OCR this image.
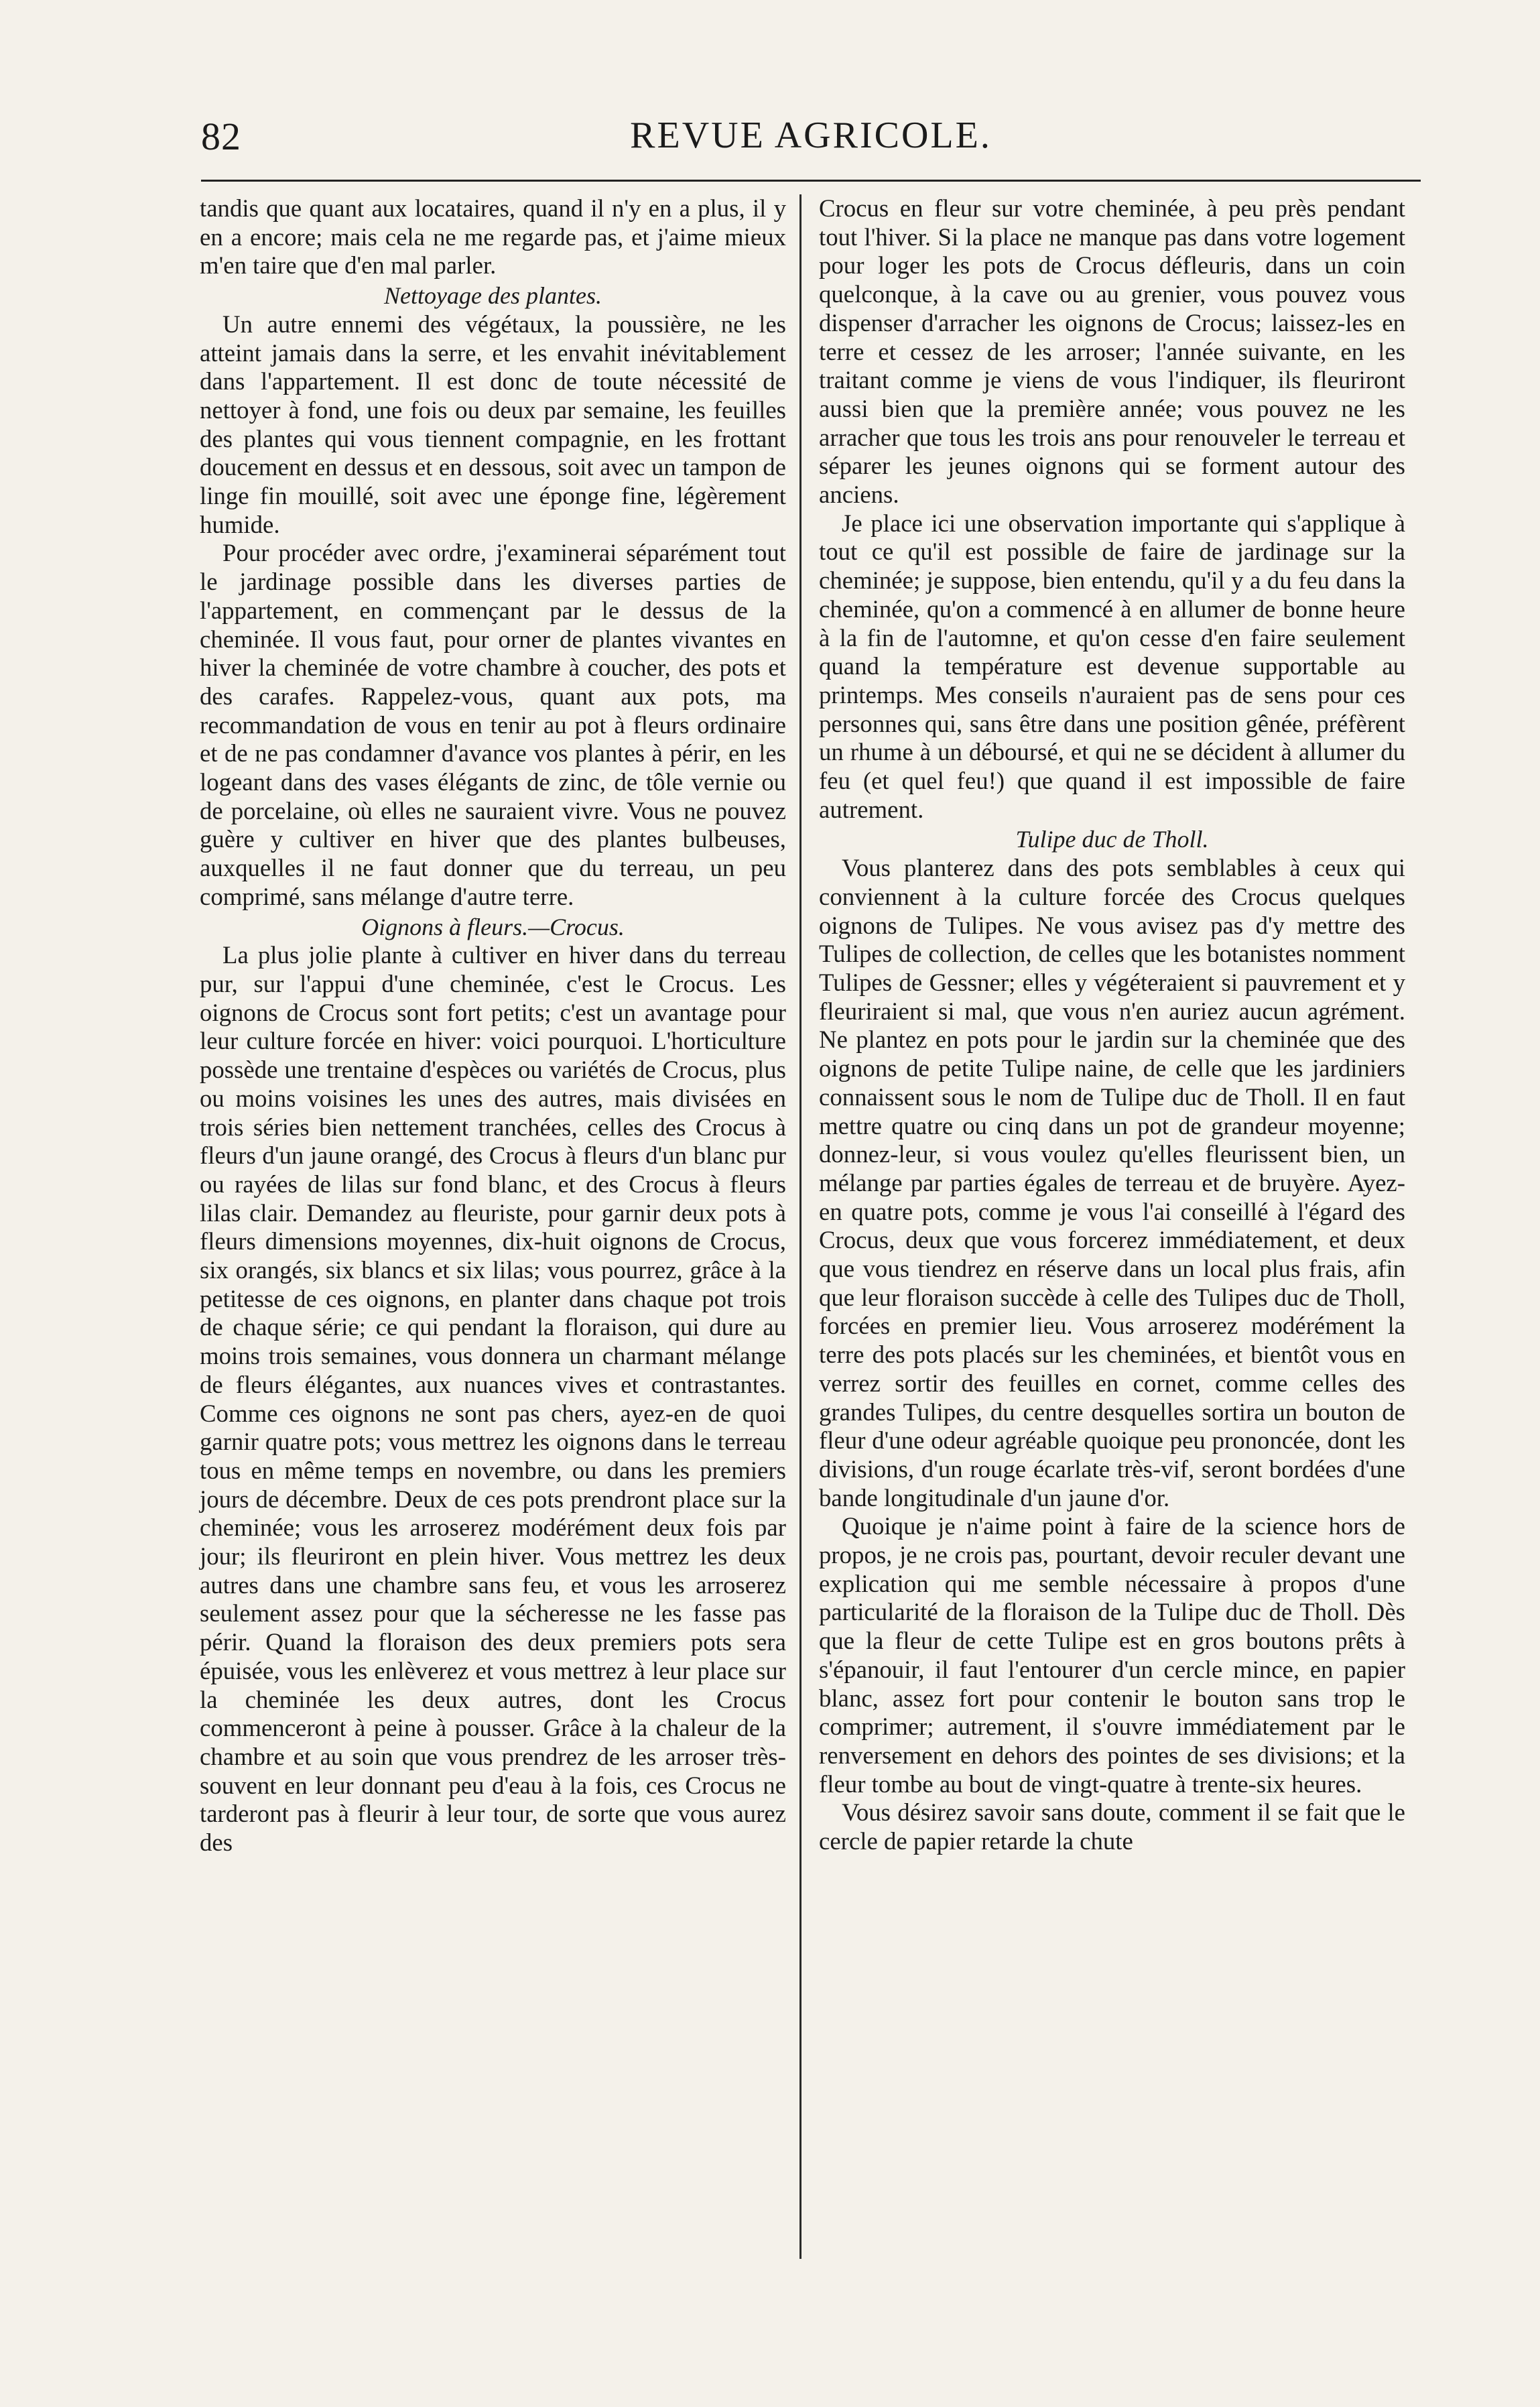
82	REVUE AGRICOLE.

tandis que quant aux locataires, quand il n'y en a plus, il y en a encore; mais cela ne me regarde pas, et j'aime mieux m'en taire que d'en mal parler.

Nettoyage des plantes.

Un autre ennemi des végétaux, la poussière, ne les atteint jamais dans la serre, et les envahit inévitablement dans l'appartement. Il est donc de toute nécessité de nettoyer à fond, une fois ou deux par semaine, les feuilles des plantes qui vous tiennent compagnie, en les frottant doucement en dessus et en dessous, soit avec un tampon de linge fin mouillé, soit avec une éponge fine, légèrement humide.

Pour procéder avec ordre, j'examinerai séparément tout le jardinage possible dans les diverses parties de l'appartement, en commençant par le dessus de la cheminée. Il vous faut, pour orner de plantes vivantes en hiver la cheminée de votre chambre à coucher, des pots et des carafes. Rappelez-vous, quant aux pots, ma recommandation de vous en tenir au pot à fleurs ordinaire et de ne pas condamner d'avance vos plantes à périr, en les logeant dans des vases élégants de zinc, de tôle vernie ou de porcelaine, où elles ne sauraient vivre. Vous ne pouvez guère y cultiver en hiver que des plantes bulbeuses, auxquelles il ne faut donner que du terreau, un peu comprimé, sans mélange d'autre terre.

Oignons à fleurs.—Crocus.

La plus jolie plante à cultiver en hiver dans du terreau pur, sur l'appui d'une cheminée, c'est le Crocus. Les oignons de Crocus sont fort petits; c'est un avantage pour leur culture forcée en hiver: voici pourquoi. L'horticulture possède une trentaine d'espèces ou variétés de Crocus, plus ou moins voisines les unes des autres, mais divisées en trois séries bien nettement tranchées, celles des Crocus à fleurs d'un jaune orangé, des Crocus à fleurs d'un blanc pur ou rayées de lilas sur fond blanc, et des Crocus à fleurs lilas clair. Demandez au fleuriste, pour garnir deux pots à fleurs dimensions moyennes, dix-huit oignons de Crocus, six orangés, six blancs et six lilas; vous pourrez, grâce à la petitesse de ces oignons, en planter dans chaque pot trois de chaque série; ce qui pendant la floraison, qui dure au moins trois semaines, vous donnera un charmant mélange de fleurs élégantes, aux nuances vives et contrastantes. Comme ces oignons ne sont pas chers, ayez-en de quoi garnir quatre pots; vous mettrez les oignons dans le terreau tous en même temps en novembre, ou dans les premiers jours de décembre. Deux de ces pots prendront place sur la cheminée; vous les arroserez modérément deux fois par jour; ils fleuriront en plein hiver. Vous mettrez les deux autres dans une chambre sans feu, et vous les arroserez seulement assez pour que la sécheresse ne les fasse pas périr. Quand la floraison des deux premiers pots sera épuisée, vous les enlèverez et vous mettrez à leur place sur la cheminée les deux autres, dont les Crocus commenceront à peine à pousser. Grâce à la chaleur de la chambre et au soin que vous prendrez de les arroser très-souvent en leur donnant peu d'eau à la fois, ces Crocus ne tarderont pas à fleurir à leur tour, de sorte que vous aurez des

Crocus en fleur sur votre cheminée, à peu près pendant tout l'hiver. Si la place ne manque pas dans votre logement pour loger les pots de Crocus défleuris, dans un coin quelconque, à la cave ou au grenier, vous pouvez vous dispenser d'arracher les oignons de Crocus; laissez-les en terre et cessez de les arroser; l'année suivante, en les traitant comme je viens de vous l'indiquer, ils fleuriront aussi bien que la première année; vous pouvez ne les arracher que tous les trois ans pour renouveler le terreau et séparer les jeunes oignons qui se forment autour des anciens.

Je place ici une observation importante qui s'applique à tout ce qu'il est possible de faire de jardinage sur la cheminée; je suppose, bien entendu, qu'il y a du feu dans la cheminée, qu'on a commencé à en allumer de bonne heure à la fin de l'automne, et qu'on cesse d'en faire seulement quand la température est devenue supportable au printemps. Mes conseils n'auraient pas de sens pour ces personnes qui, sans être dans une position gênée, préfèrent un rhume à un déboursé, et qui ne se décident à allumer du feu (et quel feu!) que quand il est impossible de faire autrement.

Tulipe duc de Tholl.

Vous planterez dans des pots semblables à ceux qui conviennent à la culture forcée des Crocus quelques oignons de Tulipes. Ne vous avisez pas d'y mettre des Tulipes de collection, de celles que les botanistes nomment Tulipes de Gessner; elles y végéteraient si pauvrement et y fleuriraient si mal, que vous n'en auriez aucun agrément. Ne plantez en pots pour le jardin sur la cheminée que des oignons de petite Tulipe naine, de celle que les jardiniers connaissent sous le nom de Tulipe duc de Tholl. Il en faut mettre quatre ou cinq dans un pot de grandeur moyenne; donnez-leur, si vous voulez qu'elles fleurissent bien, un mélange par parties égales de terreau et de bruyère. Ayez-en quatre pots, comme je vous l'ai conseillé à l'égard des Crocus, deux que vous forcerez immédiatement, et deux que vous tiendrez en réserve dans un local plus frais, afin que leur floraison succède à celle des Tulipes duc de Tholl, forcées en premier lieu. Vous arroserez modérément la terre des pots placés sur les cheminées, et bientôt vous en verrez sortir des feuilles en cornet, comme celles des grandes Tulipes, du centre desquelles sortira un bouton de fleur d'une odeur agréable quoique peu prononcée, dont les divisions, d'un rouge écarlate très-vif, seront bordées d'une bande longitudinale d'un jaune d'or.

Quoique je n'aime point à faire de la science hors de propos, je ne crois pas, pourtant, devoir reculer devant une explication qui me semble nécessaire à propos d'une particularité de la floraison de la Tulipe duc de Tholl. Dès que la fleur de cette Tulipe est en gros boutons prêts à s'épanouir, il faut l'entourer d'un cercle mince, en papier blanc, assez fort pour contenir le bouton sans trop le comprimer; autrement, il s'ouvre immédiatement par le renversement en dehors des pointes de ses divisions; et la fleur tombe au bout de vingt-quatre à trente-six heures.

Vous désirez savoir sans doute, comment il se fait que le cercle de papier retarde la chute
